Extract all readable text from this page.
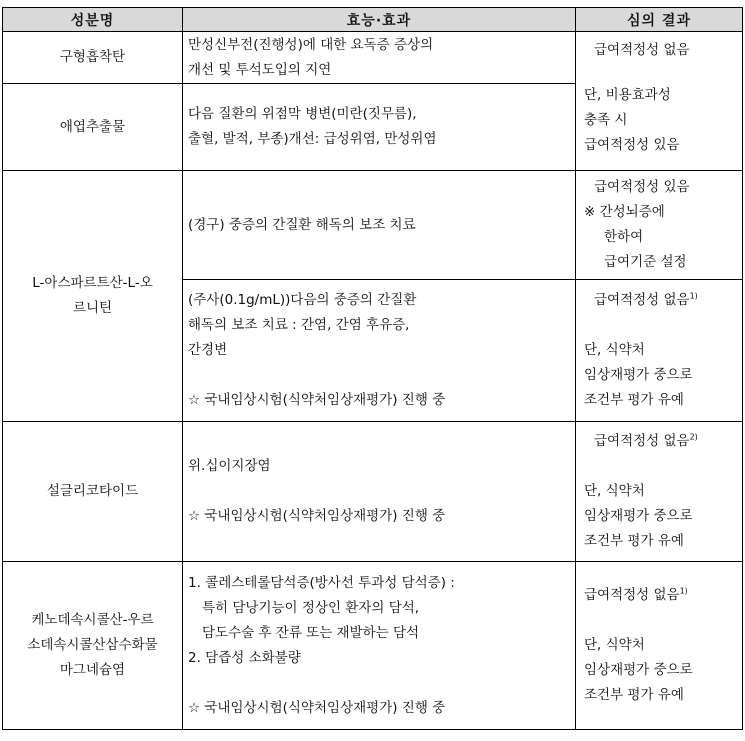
성분명	효능·효과	심의 결과
구형흡착탄	만성신부전(진행성)에 대한 요독증 증상의
개선 및 투석도입의 지연	급여적정성 없음
단, 비용효과성
충족 시
급여적정성 있음

애엽추출물	다음 질환의 위점막 병변(미란(짓무름),
출혈, 발적, 부종)개선: 급성위염, 만성위염	

L-아스파르트산-L-오
르니틴	(경구) 중증의 간질환 해독의 보조 치료	급여적정성 있음
※ 간성뇌증에
한하여
급여기준 설정

	(주사(0.1g/mL))다음의 중증의 간질환
해독의 보조 치료 : 간염, 간염 후유증,
간경변
☆ 국내임상시험(식약처임상재평가) 진행 중	급여적정성 없음$^{1)}$
단, 식약처
임상재평가 중으로
조건부 평가 유예

설글리코타이드	위.십이지장염
☆ 국내임상시험(식약처임상재평가) 진행 중	급여적정성 없음$^{2)}$
단, 식약처
임상재평가 중으로
조건부 평가 유예

케노데속시콜산-우르
소데속시콜산삼수화물
마그네슘염	1. 콜레스테롤담석증(방사선 투과성 담석증) :
특히 담낭기능이 정상인 환자의 담석,
담도수술 후 잔류 또는 재발하는 담석
2. 담즙성 소화불량
☆ 국내임상시험(식약처임상재평가) 진행 중	급여적정성 없음$^{1)}$
단, 식약처
임상재평가 중으로
조건부 평가 유예
